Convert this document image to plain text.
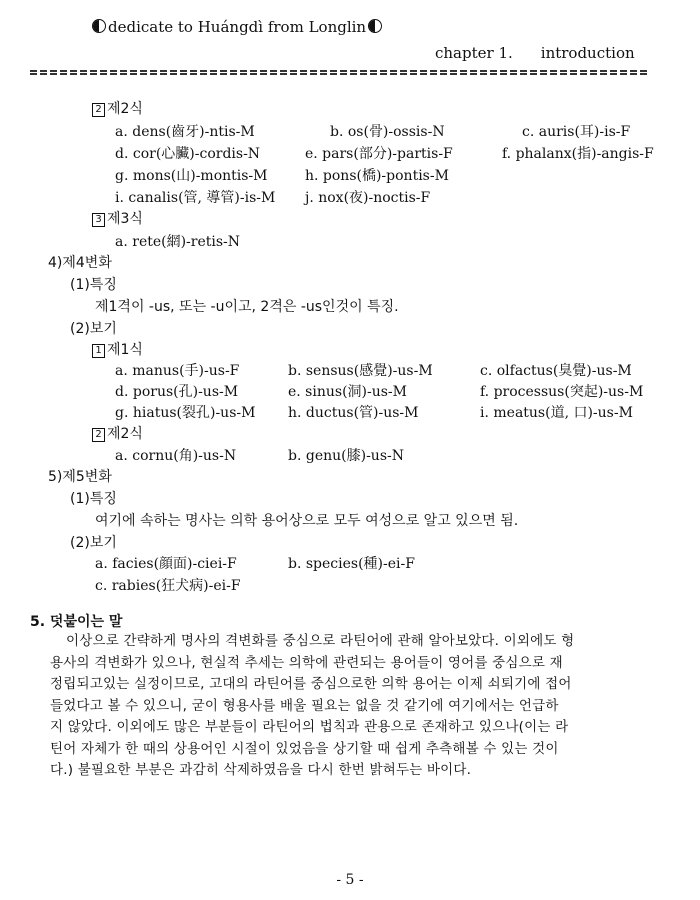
dedicate to Huángdì from Longlin
chapter 1. introduction
2 제2식
a. dens(齒牙)-ntis-M	b. os(骨)-ossis-N	c. auris(耳)-is-F
d. cor(心臟)-cordis-N	e. pars(部分)-partis-F	f. phalanx(指)-angis-F
g. mons(山)-montis-M	h. pons(橋)-pontis-M
i. canalis(管, 導管)-is-M j. nox(夜)-noctis-F
3 제3식
a. rete(網)-retis-N
4)제4변화
(1)특징
제1격이 -us, 또는 -u이고, 2격은 -us인것이 특징.
(2)보기
1 제1식
a. manus(手)-us-F	b. sensus(感覺)-us-M	c. olfactus(臭覺)-us-M
d. porus(孔)-us-M	e. sinus(洞)-us-M	f. processus(突起)-us-M
g. hiatus(裂孔)-us-M h. ductus(管)-us-M	i. meatus(道, 口)-us-M
2 제2식
a. cornu(角)-us-N	b. genu(膝)-us-N
5)제5변화
(1)특징
여기에 속하는 명사는 의학 용어상으로 모두 여성으로 알고 있으면 됨.
(2)보기
a. facies(顔面)-ciei-F	b. species(種)-ei-F
c. rabies(狂犬病)-ei-F
5. 덧붙이는 말
이상으로 간략하게 명사의 격변화를 중심으로 라틴어에 관해 알아보았다. 이외에도 형
용사의 격변화가 있으나, 현실적 추세는 의학에 관련되는 용어들이 영어를 중심으로 재
정립되고있는 실정이므로, 고대의 라틴어를 중심으로한 의학 용어는 이제 쇠퇴기에 접어
들었다고 볼 수 있으니, 굳이 형용사를 배울 필요는 없을 것 같기에 여기에서는 언급하
지 않았다. 이외에도 많은 부분들이 라틴어의 법칙과 관용으로 존재하고 있으나(이는 라
틴어 자체가 한 때의 상용어인 시절이 있었음을 상기할 때 쉽게 추측해볼 수 있는 것이
다.) 불필요한 부분은 과감히 삭제하였음을 다시 한번 밝혀두는 바이다.
- 5 -
